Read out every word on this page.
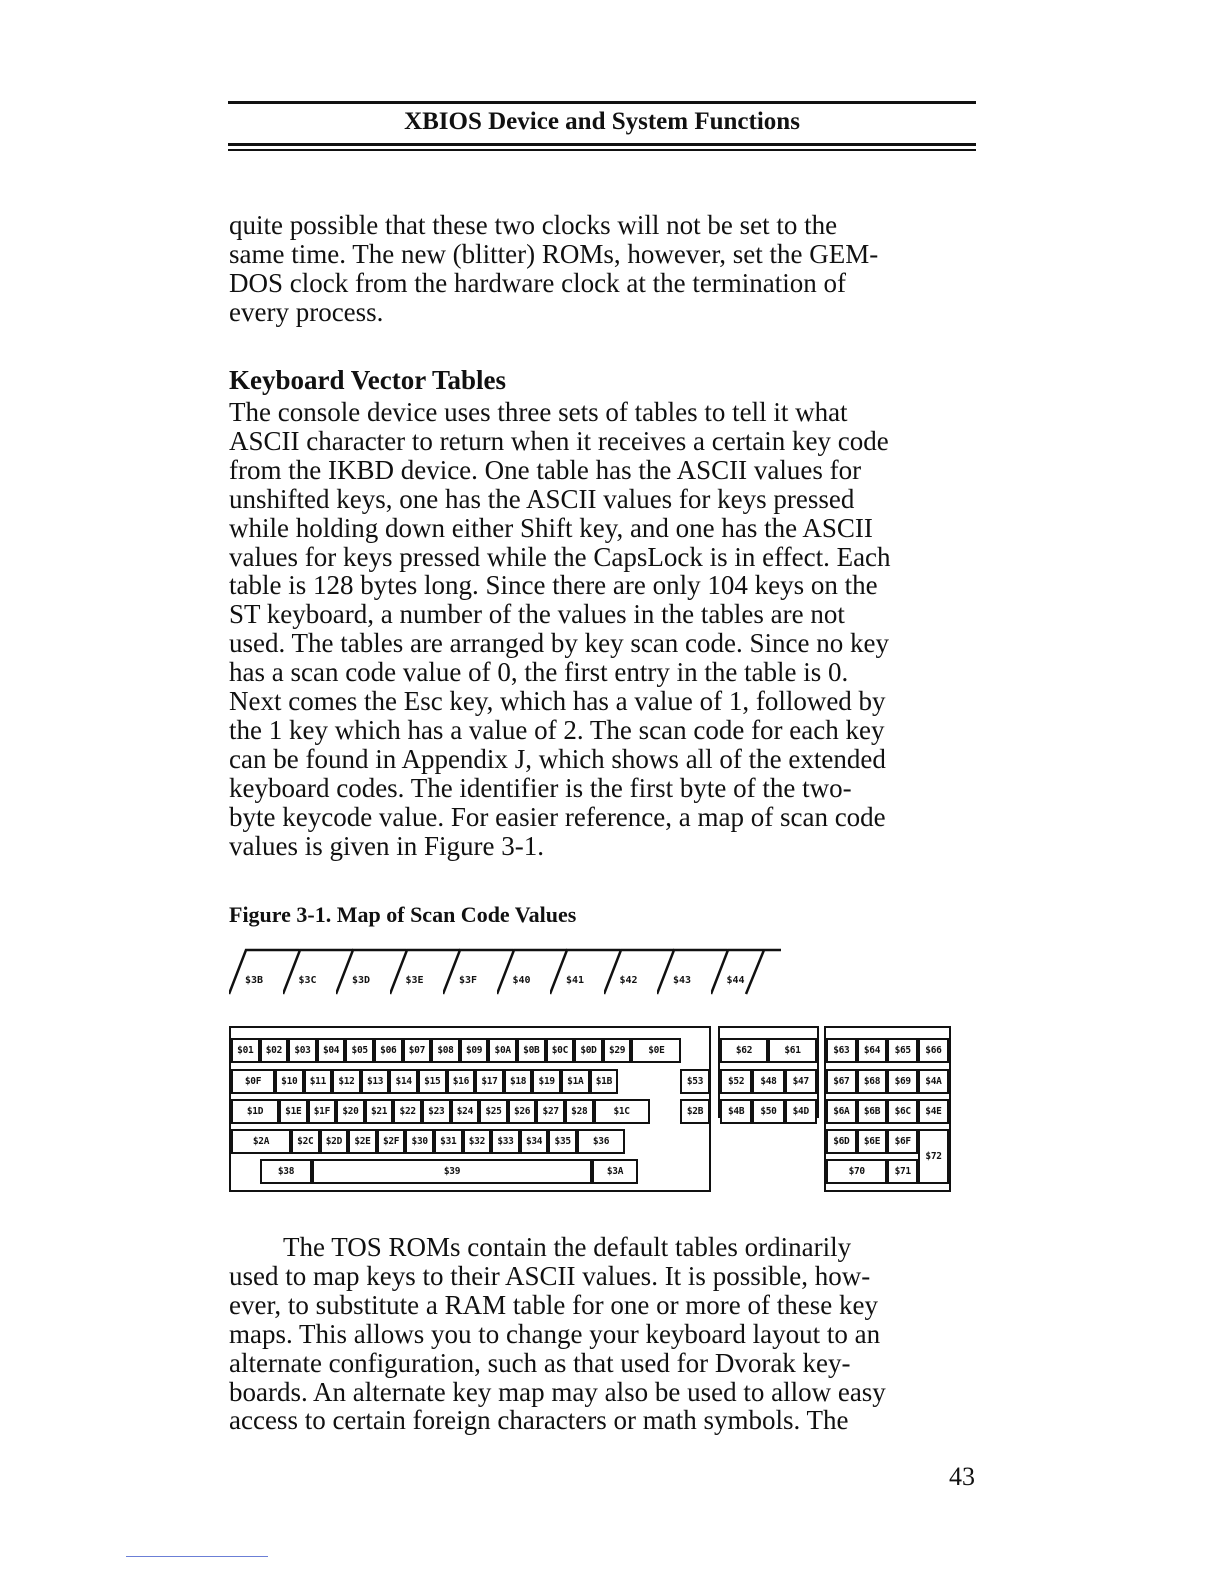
XBIOS Device and System Functions
quite possible that these two clocks will not be set to the
same time. The new (blitter) ROMs, however, set the GEM-
DOS clock from the hardware clock at the termination of
every process.
Keyboard Vector Tables
The console device uses three sets of tables to tell it what
ASCII character to return when it receives a certain key code
from the IKBD device. One table has the ASCII values for
unshifted keys, one has the ASCII values for keys pressed
while holding down either Shift key, and one has the ASCII
values for keys pressed while the CapsLock is in effect. Each
table is 128 bytes long. Since there are only 104 keys on the
ST keyboard, a number of the values in the tables are not
used. The tables are arranged by key scan code. Since no key
has a scan code value of 0, the first entry in the table is 0.
Next comes the Esc key, which has a value of 1, followed by
the 1 key which has a value of 2. The scan code for each key
can be found in Appendix J, which shows all of the extended
keyboard codes. The identifier is the first byte of the two-
byte keycode value. For easier reference, a map of scan code
values is given in Figure 3-1.
Figure 3-1. Map of Scan Code Values
$3B	$3C	$3D	$3E	$3F	$40	$41	$42	$43	$44
$01	$02	$03	$04	$05	$06	$07	$08	$09	$0A	$0B	$0C	$0D	$29	$0E
$0F	$10	$11	$12	$13	$14	$15	$16	$17	$18	$19	$1A	$1B	$53
$1D	$1E	$1F	$20	$21	$22	$23	$24	$25	$26	$27	$28	$1C	$2B
$2A	$2C	$2D	$2E	$2F	$30	$31	$32	$33	$34	$35	$36
$38	$39	$3A
$62	$61
$52	$48	$47
$4B	$50	$4D
$63	$64	$65	$66
$67	$68	$69	$4A
$6A	$6B	$6C	$4E
$6D	$6E	$6F
$70	$71
$72
The TOS ROMs contain the default tables ordinarily
used to map keys to their ASCII values. It is possible, how-
ever, to substitute a RAM table for one or more of these key
maps. This allows you to change your keyboard layout to an
alternate configuration, such as that used for Dvorak key-
boards. An alternate key map may also be used to allow easy
access to certain foreign characters or math symbols. The
43
